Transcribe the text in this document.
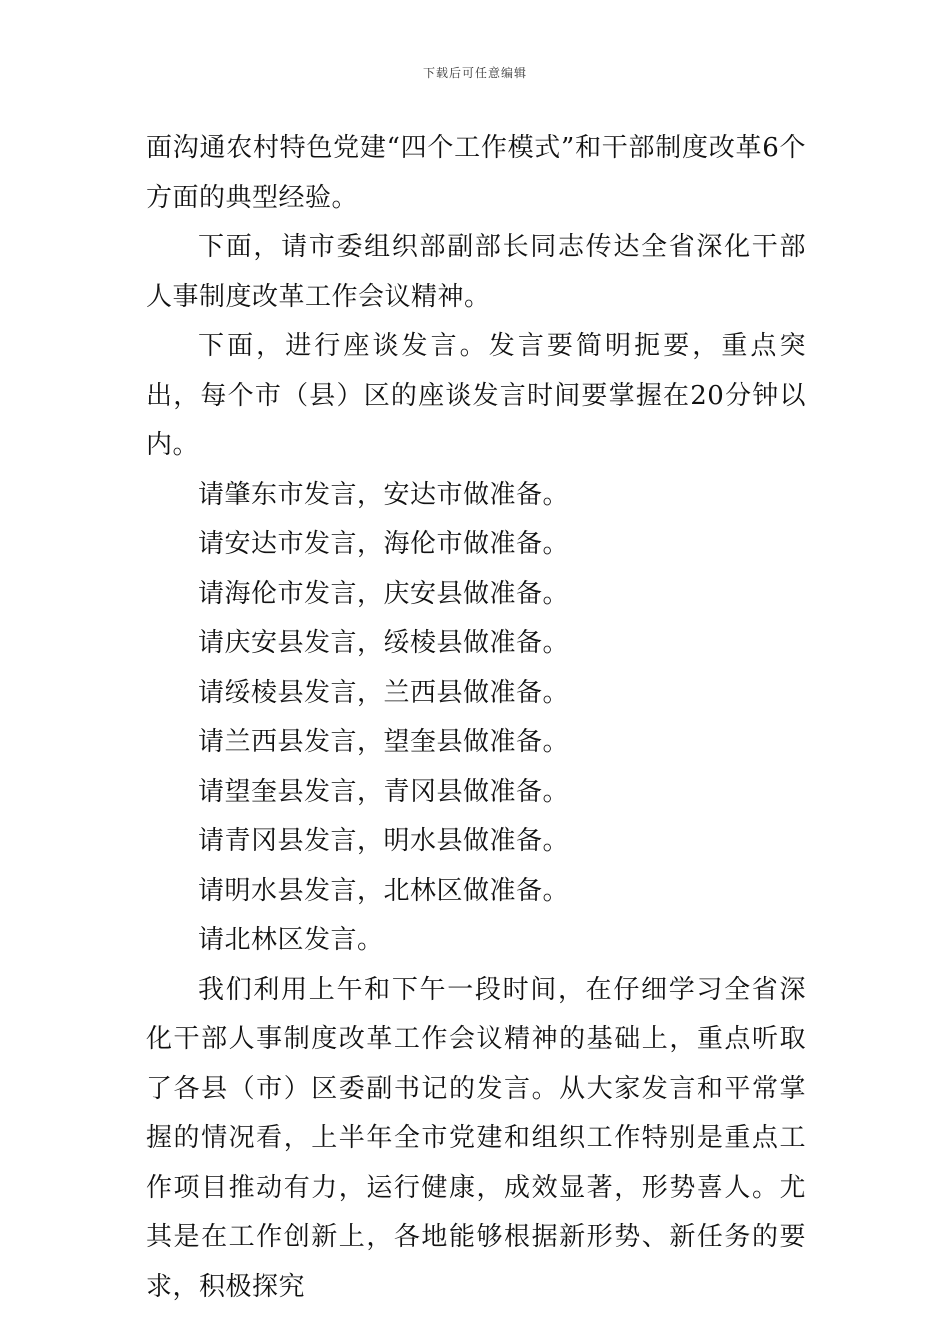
下载后可任意编辑

面沟通农村特色党建“四个工作模式”和干部制度改革6个方面的典型经验。

下面，请市委组织部副部长同志传达全省深化干部人事制度改革工作会议精神。

下面，进行座谈发言。发言要简明扼要，重点突出，每个市（县）区的座谈发言时间要掌握在20分钟以内。

请肇东市发言，安达市做准备。

请安达市发言，海伦市做准备。

请海伦市发言，庆安县做准备。

请庆安县发言，绥棱县做准备。

请绥棱县发言，兰西县做准备。

请兰西县发言，望奎县做准备。

请望奎县发言，青冈县做准备。

请青冈县发言，明水县做准备。

请明水县发言，北林区做准备。

请北林区发言。

我们利用上午和下午一段时间，在仔细学习全省深化干部人事制度改革工作会议精神的基础上，重点听取了各县（市）区委副书记的发言。从大家发言和平常掌握的情况看，上半年全市党建和组织工作特别是重点工作项目推动有力，运行健康，成效显著，形势喜人。尤其是在工作创新上，各地能够根据新形势、新任务的要求，积极探究
